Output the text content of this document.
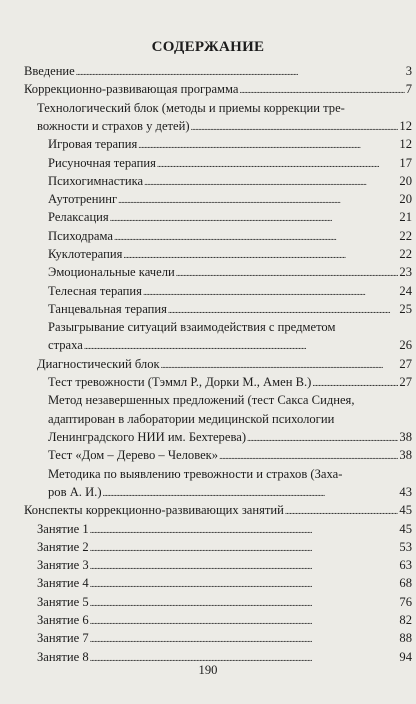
СОДЕРЖАНИЕ
Введение . . .	3
Коррекционно-развивающая программа . . .	7
Технологический блок (методы и приемы коррекции тре-
вожности и страхов у детей) . . .	12
Игровая терапия . . .	12
Рисуночная терапия . . .	17
Психогимнастика . . .	20
Аутотренинг . . .	20
Релаксация . . .	21
Психодрама . . .	22
Куклотерапия . . .	22
Эмоциональные качели . . .	23
Телесная терапия . . .	24
Танцевальная терапия . . .	25
Разыгрывание ситуаций взаимодействия с предметом
страха . . .	26
Диагностический блок . . .	27
Тест тревожности (Тэммл Р., Дорки М., Амен В.) . . .	27
Метод незавершенных предложений (тест Сакса Сиднея,
адаптирован в лаборатории медицинской психологии
Ленинградского НИИ им. Бехтерева) . . .	38
Тест «Дом – Дерево – Человек» . . .	38
Методика по выявлению тревожности и страхов (Заха-
ров А. И.) . . .	43
Конспекты коррекционно-развивающих занятий . . .	45
Занятие 1 . . .	45
Занятие 2 . . .	53
Занятие 3 . . .	63
Занятие 4 . . .	68
Занятие 5 . . .	76
Занятие 6 . . .	82
Занятие 7 . . .	88
Занятие 8 . . .	94
190
